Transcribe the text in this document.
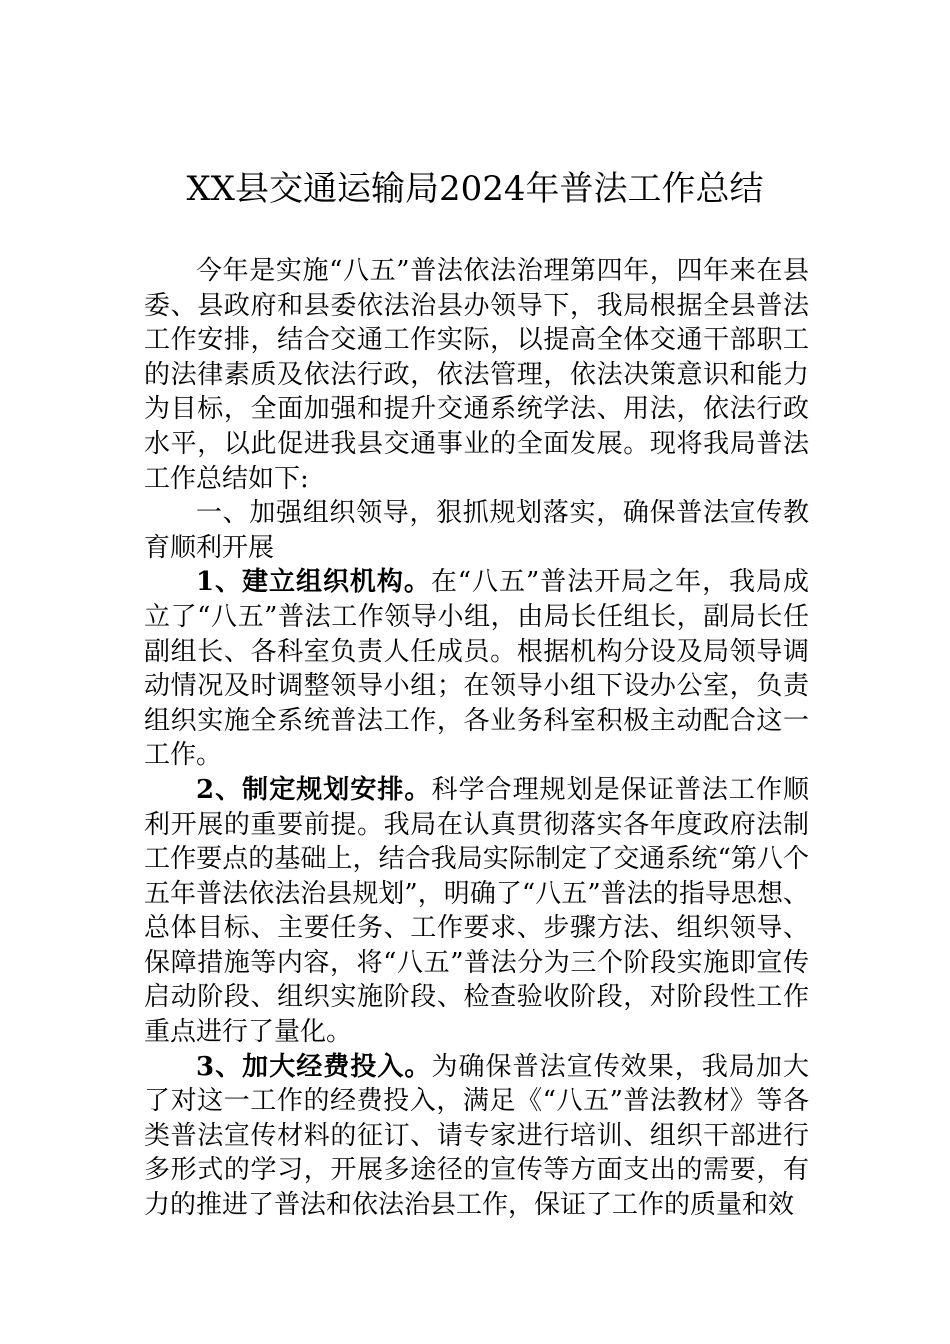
XX县交通运输局2024年普法工作总结

今年是实施“八五”普法依法治理第四年，四年来在县委、县政府和县委依法治县办领导下，我局根据全县普法工作安排，结合交通工作实际，以提高全体交通干部职工的法律素质及依法行政，依法管理，依法决策意识和能力为目标，全面加强和提升交通系统学法、用法，依法行政水平，以此促进我县交通事业的全面发展。现将我局普法工作总结如下:

一、加强组织领导，狠抓规划落实，确保普法宣传教育顺利开展

1、建立组织机构。在“八五”普法开局之年，我局成立了“八五”普法工作领导小组，由局长任组长，副局长任副组长、各科室负责人任成员。根据机构分设及局领导调动情况及时调整领导小组；在领导小组下设办公室，负责组织实施全系统普法工作，各业务科室积极主动配合这一工作。

2、制定规划安排。科学合理规划是保证普法工作顺利开展的重要前提。我局在认真贯彻落实各年度政府法制工作要点的基础上，结合我局实际制定了交通系统“第八个五年普法依法治县规划”，明确了“八五”普法的指导思想、总体目标、主要任务、工作要求、步骤方法、组织领导、保障措施等内容，将“八五”普法分为三个阶段实施即宣传启动阶段、组织实施阶段、检查验收阶段，对阶段性工作重点进行了量化。

3、加大经费投入。为确保普法宣传效果，我局加大了对这一工作的经费投入，满足《“八五”普法教材》等各类普法宣传材料的征订、请专家进行培训、组织干部进行多形式的学习，开展多途径的宣传等方面支出的需要，有力的推进了普法和依法治县工作，保证了工作的质量和效
